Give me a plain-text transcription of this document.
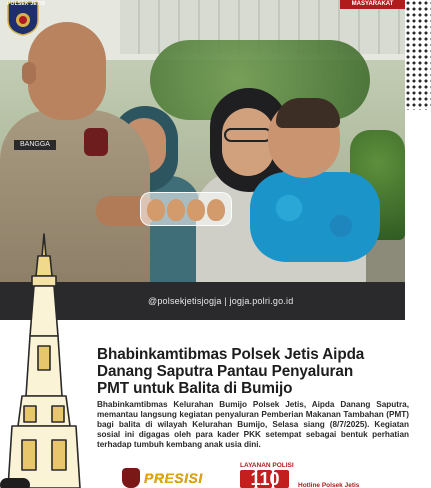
BANGGA
POLSEK JETIS	MASYARAKAT
@polsekjetisjogja | jogja.polri.go.id
Bhabinkamtibmas Polsek Jetis Aipda
Danang Saputra Pantau Penyaluran
PMT untuk Balita di Bumijo
Bhabinkamtibmas Kelurahan Bumijo Polsek Jetis, Aipda Danang Saputra, memantau langsung kegiatan penyaluran Pemberian Makanan Tambahan (PMT) bagi balita di wilayah Kelurahan Bumijo, Selasa siang (8/7/2025). Kegiatan sosial ini digagas oleh para kader PKK setempat sebagai bentuk perhatian terhadap tumbuh kembang anak usia dini.
PRESISI
LAYANAN POLISI
110	Hotline Polsek Jetis
